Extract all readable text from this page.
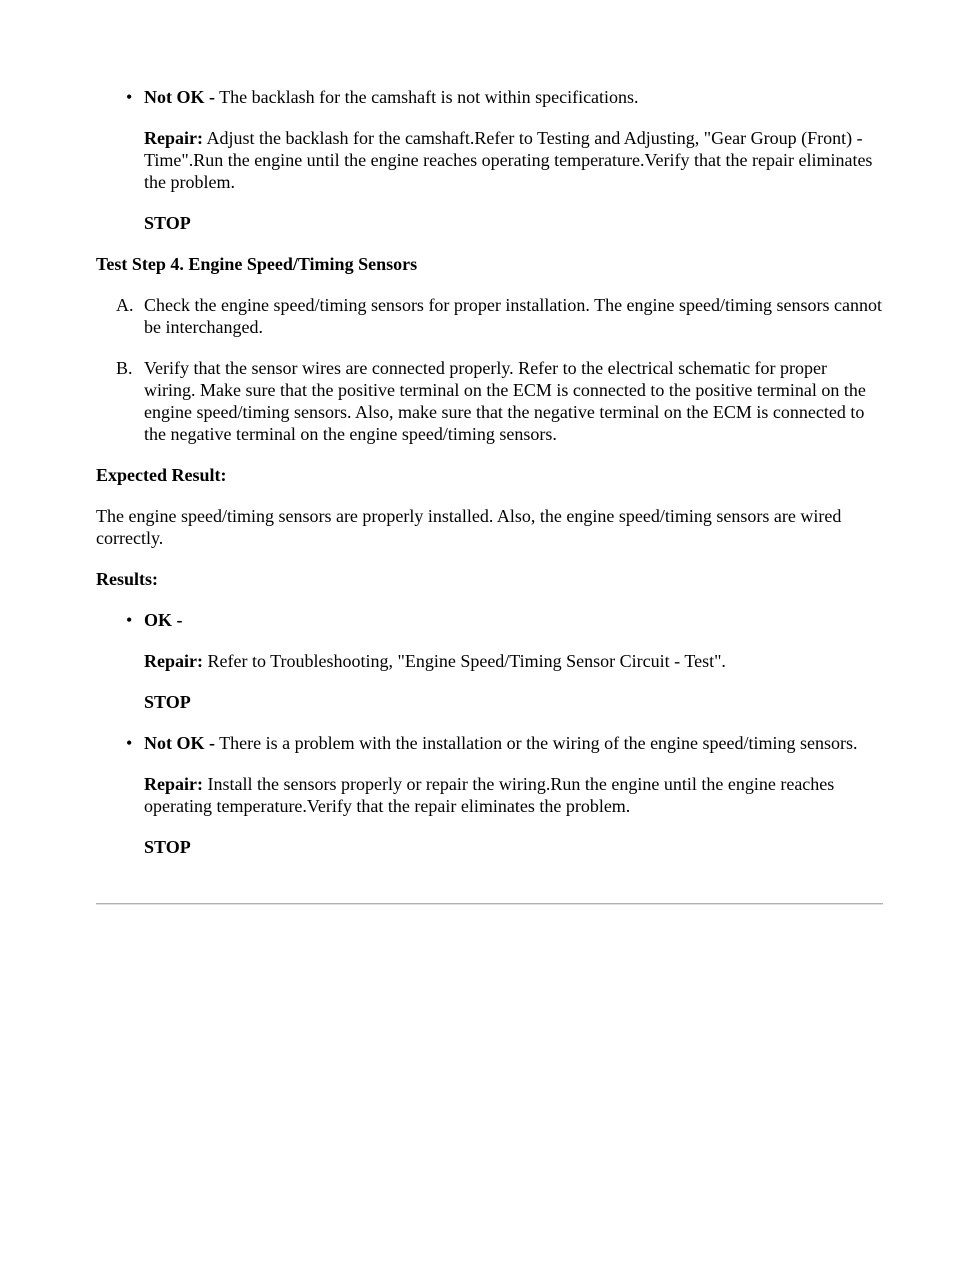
• Not OK - The backlash for the camshaft is not within specifications.

Repair: Adjust the backlash for the camshaft.Refer to Testing and Adjusting, "Gear Group (Front) - Time".Run the engine until the engine reaches operating temperature.Verify that the repair eliminates the problem.

STOP

Test Step 4. Engine Speed/Timing Sensors

A. Check the engine speed/timing sensors for proper installation. The engine speed/timing sensors cannot be interchanged.

B. Verify that the sensor wires are connected properly. Refer to the electrical schematic for proper wiring. Make sure that the positive terminal on the ECM is connected to the positive terminal on the engine speed/timing sensors. Also, make sure that the negative terminal on the ECM is connected to the negative terminal on the engine speed/timing sensors.

Expected Result:

The engine speed/timing sensors are properly installed. Also, the engine speed/timing sensors are wired correctly.

Results:

• OK -

Repair: Refer to Troubleshooting, "Engine Speed/Timing Sensor Circuit - Test".

STOP

• Not OK - There is a problem with the installation or the wiring of the engine speed/timing sensors.

Repair: Install the sensors properly or repair the wiring.Run the engine until the engine reaches operating temperature.Verify that the repair eliminates the problem.

STOP
